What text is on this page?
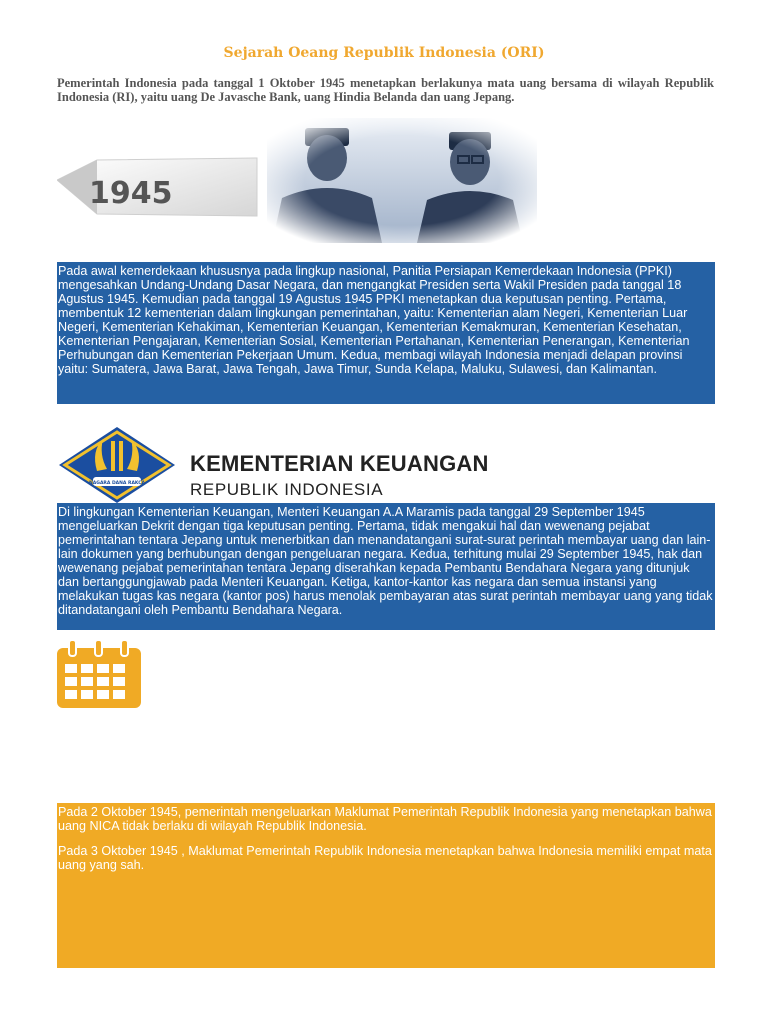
Sejarah Oeang Republik Indonesia (ORI)

Pemerintah Indonesia pada tanggal 1 Oktober 1945 menetapkan berlakunya mata uang bersama di wilayah Republik Indonesia (RI), yaitu uang De Javasche Bank, uang Hindia Belanda dan uang Jepang.

1945

Pada awal kemerdekaan khususnya pada lingkup nasional, Panitia Persiapan Kemerdekaan Indonesia (PPKI) mengesahkan Undang-Undang Dasar Negara, dan mengangkat Presiden serta Wakil Presiden pada tanggal 18 Agustus 1945. Kemudian pada tanggal 19 Agustus 1945 PPKI menetapkan dua keputusan penting. Pertama, membentuk 12 kementerian dalam lingkungan pemerintahan, yaitu: Kementerian alam Negeri, Kementerian Luar Negeri, Kementerian Kehakiman, Kementerian Keuangan, Kementerian Kemakmuran, Kementerian Kesehatan, Kementerian Pengajaran, Kementerian Sosial, Kementerian Pertahanan, Kementerian Penerangan, Kementerian Perhubungan dan Kementerian Pekerjaan Umum. Kedua, membagi wilayah Indonesia menjadi delapan provinsi yaitu: Sumatera, Jawa Barat, Jawa Tengah, Jawa Timur, Sunda Kelapa, Maluku, Sulawesi, dan Kalimantan.

NAGARA DANA RAKCA
KEMENTERIAN KEUANGAN
REPUBLIK INDONESIA

Di lingkungan Kementerian Keuangan, Menteri Keuangan A.A Maramis pada tanggal 29 September 1945 mengeluarkan Dekrit dengan tiga keputusan penting. Pertama, tidak mengakui hal dan wewenang pejabat pemerintahan tentara Jepang untuk menerbitkan dan menandatangani surat-surat perintah membayar uang dan lain-lain dokumen yang berhubungan dengan pengeluaran negara. Kedua, terhitung mulai 29 September 1945, hak dan wewenang pejabat pemerintahan tentara Jepang diserahkan kepada Pembantu Bendahara Negara yang ditunjuk dan bertanggungjawab pada Menteri Keuangan. Ketiga, kantor-kantor kas negara dan semua instansi yang melakukan tugas kas negara (kantor pos) harus menolak pembayaran atas surat perintah membayar uang yang tidak ditandatangani oleh Pembantu Bendahara Negara.

Pada 2 Oktober 1945, pemerintah mengeluarkan Maklumat Pemerintah Republik Indonesia yang menetapkan bahwa uang NICA tidak berlaku di wilayah Republik Indonesia.

Pada 3 Oktober 1945 , Maklumat Pemerintah Republik Indonesia menetapkan bahwa Indonesia memiliki empat mata uang yang sah.
